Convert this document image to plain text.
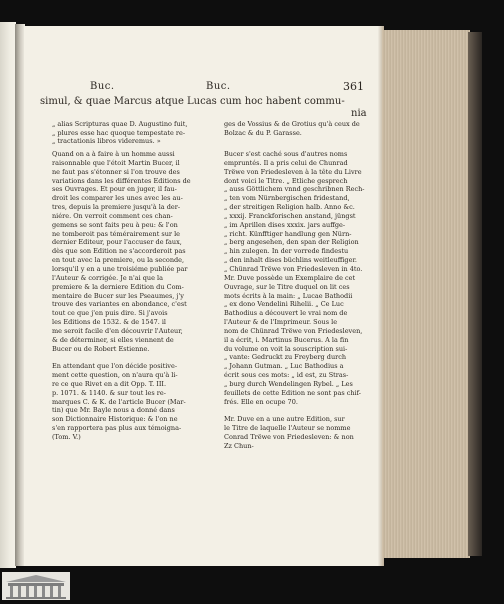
Buc.	Buc.	361
simul, & quae Marcus atque Lucas cum hoc habent commu-
nia
„ alias Scripturas quae D. Augustino fuit,
„ plures esse hac quoque tempestate re-
„ tractationis libros videremus. »
ges de Vossius & de Grotius qu'à ceux de
Bolzac & du P. Garasse.
Quand on a à faire à un homme aussi
raisonnable que l'étoit Martin Bucer, il
ne faut pas s'étonner si l'on trouve des
variations dans les différentes Editions de
ses Ouvrages. Et pour en juger, il fau-
droit les comparer les unes avec les au-
tres, depuis la premiere jusqu'à la der-
niére. On verroit comment ces chan-
gemens se sont faits peu à peu: & l'on
ne tomberoit pas témérairement sur le
dernier Editeur, pour l'accuser de faux,
dès que son Edition ne s'accorderoit pas
en tout avec la premiere, ou la seconde,
lorsqu'il y en a une troisiéme publiée par
l'Auteur & corrigée. Je n'ai que la
premiere & la derniere Edition du Com-
mentaire de Bucer sur les Pseaumes, j'y
trouve des variantes en abondance, c'est
tout ce que j'en puis dire. Si j'avois
les Editions de 1532. & de 1547. il
me seroit facile d'en découvrir l'Auteur,
& de déterminer, si elles viennent de
Bucer ou de Robert Estienne.

En attendant que l'on décide positive-
ment cette question, on n'aura qu'à li-
re ce que Rivet en a dit Opp. T. III.
p. 1071. & 1140. & sur tout les re-
marques C. & K. de l'article Bucer (Mar-
tin) que Mr. Bayle nous a donné dans
son Dictionnaire Historique: & l'on ne
s'en rapportera pas plus aux témoigna-
(Tom. V.)
Bucer s'est caché sous d'autres noms
empruntés. Il a pris celui de Chunrad
Trëwe von Friedesleven à la tête du Livre
dont voici le Titre. „ Etliche gesprech
„ auss Göttlichem vnnd geschribnen Rech-
„ ten vom Nürnbergischen fridestand,
„ der streitigen Religion halb. Anno &c.
„ xxxij. Franckforischen anstand, jüngst
„ im Aprillen dises xxxix. jars auffge-
„ richt. Künfftiger handlung gen Nürn-
„ berg angesehen, den span der Religion
„ hin zulegen. In der vorrede findestu
„ den inhalt dises büchlins weitleuffiger.
„ Chünrad Trëwe von Friedesleven in 4to.
Mr. Duve possède un Exemplaire de cet
Ouvrage, sur le Titre duquel on lit ces
mots écrits à la main: „ Lucae Bathodii
„ ex dono Vendelini Rihelii. „ Ce Luc
Bathodius a découvert le vrai nom de
l'Auteur & de l'Imprimeur. Sous le
nom de Chünrad Trëwe von Friedesleven,
il a écrit, i. Martinus Bucerus. A la fin
du volume on voit la souscription sui-
„ vante: Gedruckt zu Freyberg durch
„ Johann Gutman. „ Luc Bathodius a
écrit sous ces mots: „ id est, zu Stras-
„ burg durch Wendelingen Rybel. „ Les
feuillets de cette Edition ne sont pas chif-
frés. Elle en ocupe 70.

Mr. Duve en a une autre Edition, sur
le Titre de laquelle l'Auteur se nomme
Conrad Trëwe von Friedesleven: & non
Zz Chun-
